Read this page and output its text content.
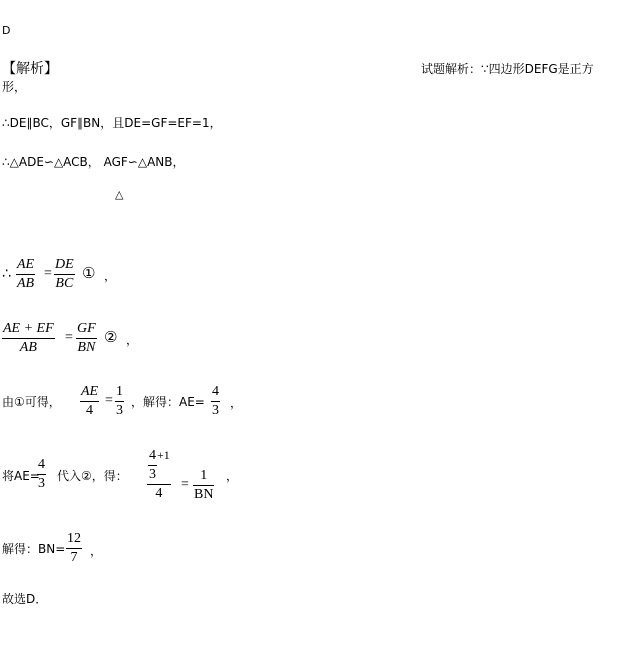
D
【解析】	试题解析：∵四边形DEFG是正方
形，
∴DE∥BC，GF∥BN，且DE=GF=EF=1，
∴△ADE∽△ACB， AGF∽△ANB，
△
∴
AE
AB
=
DE
BC
① ，
AE + EF
AB
=
GF
BN
② ，
由①可得，
AE
4
=
1
3
，解得：AE=
4
3 ，
将AE=
4
3 代入②，得： $\frac{4}{3} +1$
4
=
1
BN
，
解得：BN=
12
7	，
故选D．
